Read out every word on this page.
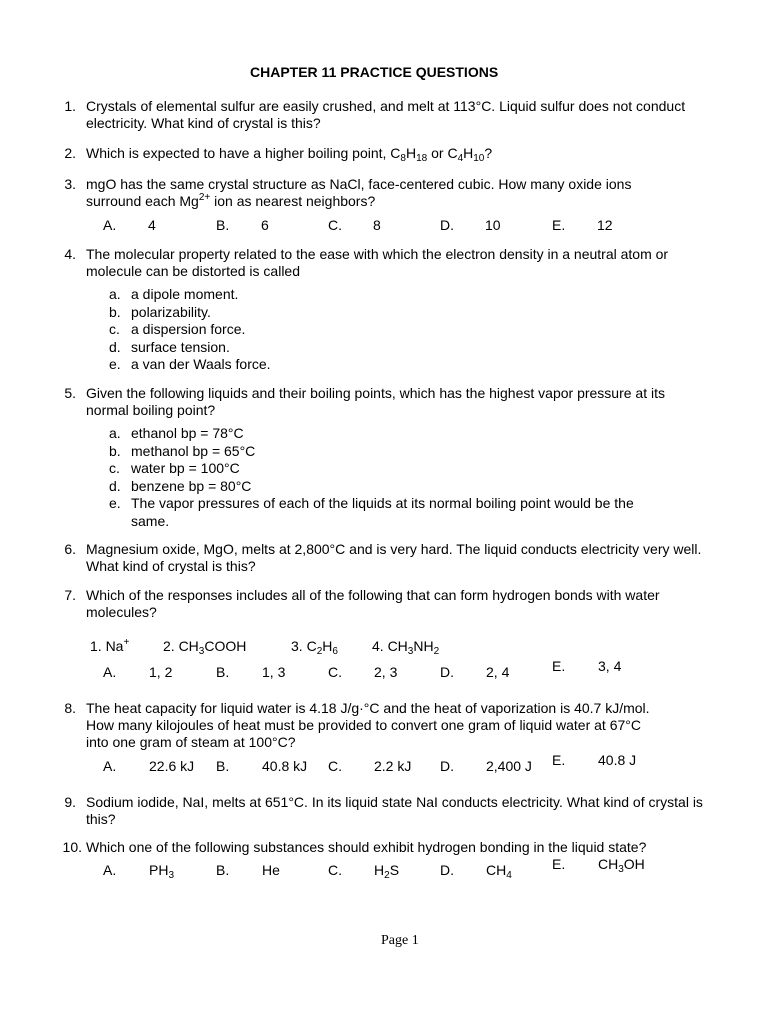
CHAPTER 11 PRACTICE QUESTIONS
1. Crystals of elemental sulfur are easily crushed, and melt at 113°C. Liquid sulfur does not conduct electricity. What kind of crystal is this?
2. Which is expected to have a higher boiling point, $C_8H_{18}$ or $C_4H_{10}$?
3. mgO has the same crystal structure as NaCl, face-centered cubic. How many oxide ions
surround each $Mg^{2+}$ ion as nearest neighbors?
A. 4	B. 6	C. 8	D. 10	E. 12
4. The molecular property related to the ease with which the electron density in a neutral atom or molecule can be distorted is called
a. a dipole moment.
b. polarizability.
c. a dispersion force.
d. surface tension.
e. a van der Waals force.
5. Given the following liquids and their boiling points, which has the highest vapor pressure at its normal boiling point?
a. ethanol bp = 78°C
b. methanol bp = 65°C
c. water bp = 100°C
d. benzene bp = 80°C
e. The vapor pressures of each of the liquids at its normal boiling point would be the
same.
6. Magnesium oxide, MgO, melts at 2,800°C and is very hard. The liquid conducts electricity very well. What kind of crystal is this?
7. Which of the responses includes all of the following that can form hydrogen bonds with water molecules?
1. Na+ 2. $CH_3COOH$	3. $C_2H_6$ 4. $CH_3NH_2$
A. 1, 2	B. 1, 3	C. 2, 3	D. 2, 4	E. 3, 4
8. The heat capacity for liquid water is 4.18 J/g·°C and the heat of vaporization is 40.7 kJ/mol.
How many kilojoules of heat must be provided to convert one gram of liquid water at 67°C
into one gram of steam at 100°C?
A. 22.6 kJ B. 40.8 kJ C. 2.2 kJ D. 2,400 J E. 40.8 J
9. Sodium iodide, NaI, melts at 651°C. In its liquid state NaI conducts electricity. What kind of crystal is this?
10. Which one of the following substances should exhibit hydrogen bonding in the liquid state?
A. $PH_3$	B. He	C. $H_2S$	D. $CH_4$
E. $CH_3OH$
Page 1
